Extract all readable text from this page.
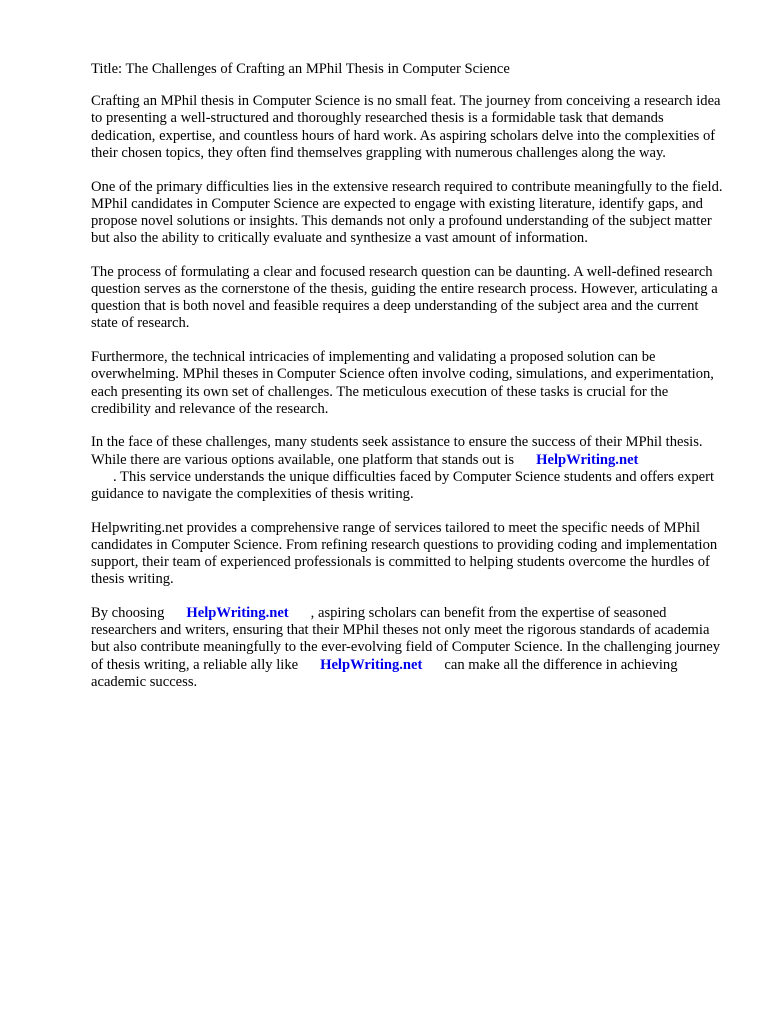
Title: The Challenges of Crafting an MPhil Thesis in Computer Science

Crafting an MPhil thesis in Computer Science is no small feat. The journey from conceiving a research idea to presenting a well-structured and thoroughly researched thesis is a formidable task that demands dedication, expertise, and countless hours of hard work. As aspiring scholars delve into the complexities of their chosen topics, they often find themselves grappling with numerous challenges along the way.

One of the primary difficulties lies in the extensive research required to contribute meaningfully to the field. MPhil candidates in Computer Science are expected to engage with existing literature, identify gaps, and propose novel solutions or insights. This demands not only a profound understanding of the subject matter but also the ability to critically evaluate and synthesize a vast amount of information.

The process of formulating a clear and focused research question can be daunting. A well-defined research question serves as the cornerstone of the thesis, guiding the entire research process. However, articulating a question that is both novel and feasible requires a deep understanding of the subject area and the current state of research.

Furthermore, the technical intricacies of implementing and validating a proposed solution can be overwhelming. MPhil theses in Computer Science often involve coding, simulations, and experimentation, each presenting its own set of challenges. The meticulous execution of these tasks is crucial for the credibility and relevance of the research.

In the face of these challenges, many students seek assistance to ensure the success of their MPhil thesis. While there are various options available, one platform that stands out is HelpWriting.net
. This service understands the unique difficulties faced by Computer Science students and offers expert guidance to navigate the complexities of thesis writing.

Helpwriting.net provides a comprehensive range of services tailored to meet the specific needs of MPhil candidates in Computer Science. From refining research questions to providing coding and implementation support, their team of experienced professionals is committed to helping students overcome the hurdles of thesis writing.

By choosing HelpWriting.net , aspiring scholars can benefit from the expertise of seasoned researchers and writers, ensuring that their MPhil theses not only meet the rigorous standards of academia but also contribute meaningfully to the ever-evolving field of Computer Science. In the challenging journey of thesis writing, a reliable ally like HelpWriting.net can make all the difference in achieving academic success.
